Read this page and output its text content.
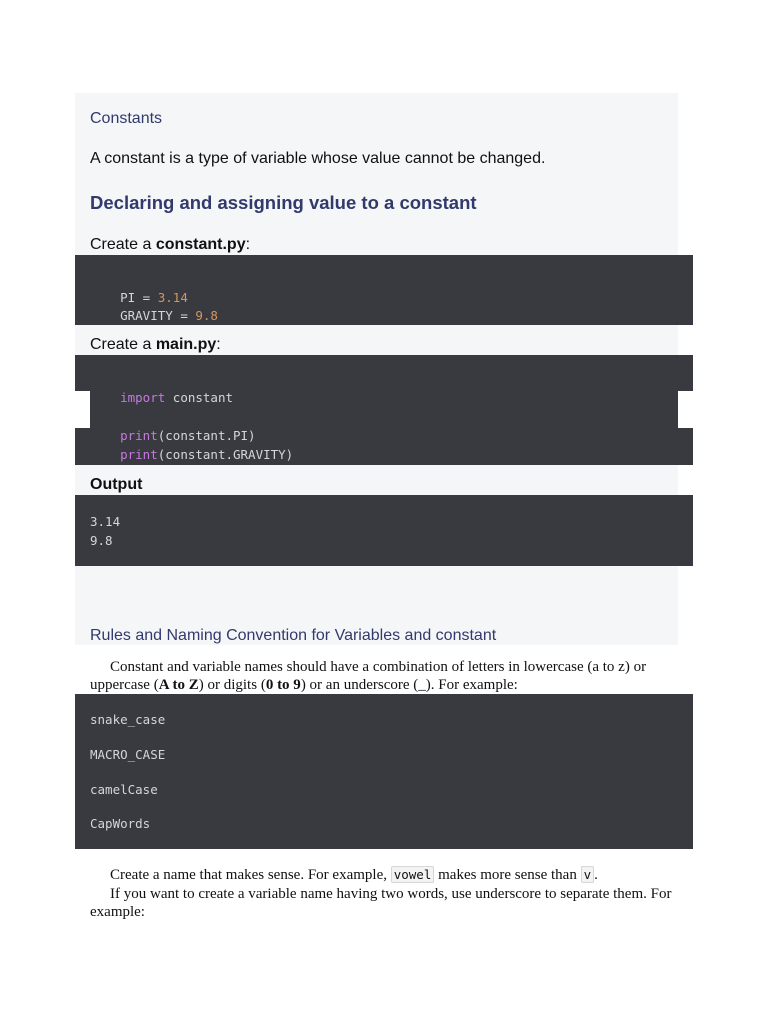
Constants
A constant is a type of variable whose value cannot be changed.
Declaring and assigning value to a constant
Create a constant.py:

PI = 3.14

GRAVITY = 9.8

Create a main.py:

import constant

print(constant.PI)

print(constant.GRAVITY)

Output
3.14
9.8
Rules and Naming Convention for Variables and constant
Constant and variable names should have a combination of letters in lowercase (a to z) or uppercase (A to Z) or digits (0 to 9) or an underscore (_). For example:
snake_case
MACRO_CASE
camelCase
CapWords
Create a name that makes sense. For example, vowel makes more sense than v .
If you want to create a variable name having two words, use underscore to separate them. For example:
